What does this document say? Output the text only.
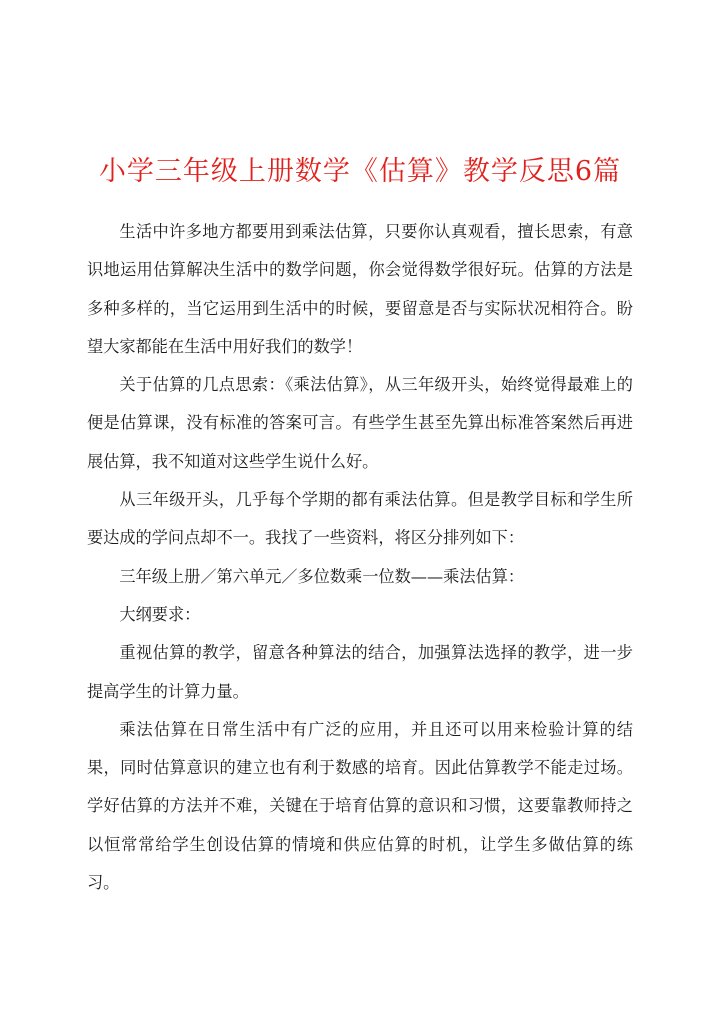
小学三年级上册数学《估算》教学反思6篇

生活中许多地方都要用到乘法估算，只要你认真观看，擅长思索，有意识地运用估算解决生活中的数学问题，你会觉得数学很好玩。估算的方法是多种多样的，当它运用到生活中的时候，要留意是否与实际状况相符合。盼望大家都能在生活中用好我们的数学！

关于估算的几点思索：《乘法估算》，从三年级开头，始终觉得最难上的便是估算课，没有标准的答案可言。有些学生甚至先算出标准答案然后再进展估算，我不知道对这些学生说什么好。

从三年级开头，几乎每个学期的都有乘法估算。但是教学目标和学生所要达成的学问点却不一。我找了一些资料，将区分排列如下：

三年级上册／第六单元／多位数乘一位数——乘法估算：

大纲要求：

重视估算的教学，留意各种算法的结合，加强算法选择的教学，进一步提高学生的计算力量。

乘法估算在日常生活中有广泛的应用，并且还可以用来检验计算的结果，同时估算意识的建立也有利于数感的培育。因此估算教学不能走过场。学好估算的方法并不难，关键在于培育估算的意识和习惯，这要靠教师持之以恒常常给学生创设估算的情境和供应估算的时机，让学生多做估算的练习。
